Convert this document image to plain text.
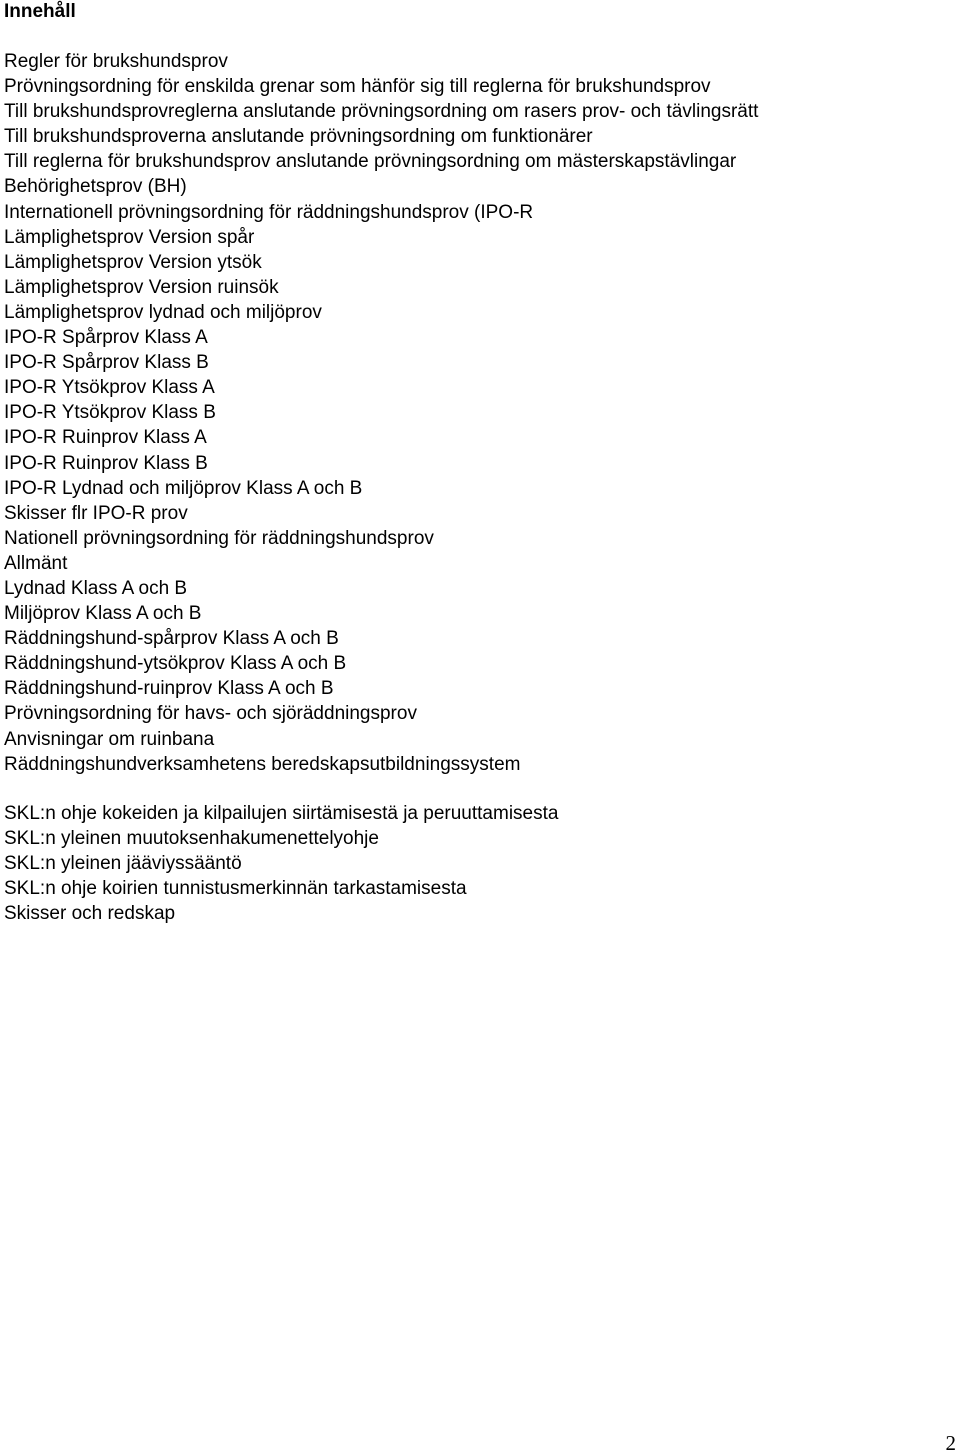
Innehåll
Regler för brukshundsprov
Prövningsordning för enskilda grenar som hänför sig till reglerna för brukshundsprov
Till brukshundsprovreglerna anslutande prövningsordning om rasers prov- och tävlingsrätt
Till brukshundsproverna anslutande prövningsordning om funktionärer
Till reglerna för brukshundsprov anslutande prövningsordning om mästerskapstävlingar
Behörighetsprov (BH)
Internationell prövningsordning för räddningshundsprov (IPO-R
Lämplighetsprov Version spår
Lämplighetsprov Version ytsök
Lämplighetsprov Version ruinsök
Lämplighetsprov lydnad och miljöprov
IPO-R Spårprov Klass A
IPO-R Spårprov Klass B
IPO-R Ytsökprov Klass A
IPO-R Ytsökprov Klass B
IPO-R Ruinprov Klass A
IPO-R Ruinprov Klass B
IPO-R Lydnad och miljöprov Klass A och B
Skisser flr IPO-R prov
Nationell prövningsordning för räddningshundsprov
Allmänt
Lydnad Klass A och B
Miljöprov Klass A och B
Räddningshund-spårprov Klass A och B
Räddningshund-ytsökprov Klass A och B
Räddningshund-ruinprov Klass A och B
Prövningsordning för havs- och sjöräddningsprov
Anvisningar om ruinbana
Räddningshundverksamhetens beredskapsutbildningssystem
SKL:n ohje kokeiden ja kilpailujen siirtämisestä ja peruuttamisesta
SKL:n yleinen muutoksenhakumenettelyohje
SKL:n yleinen jääviyssääntö
SKL:n ohje koirien tunnistusmerkinnän tarkastamisesta
Skisser och redskap
2
